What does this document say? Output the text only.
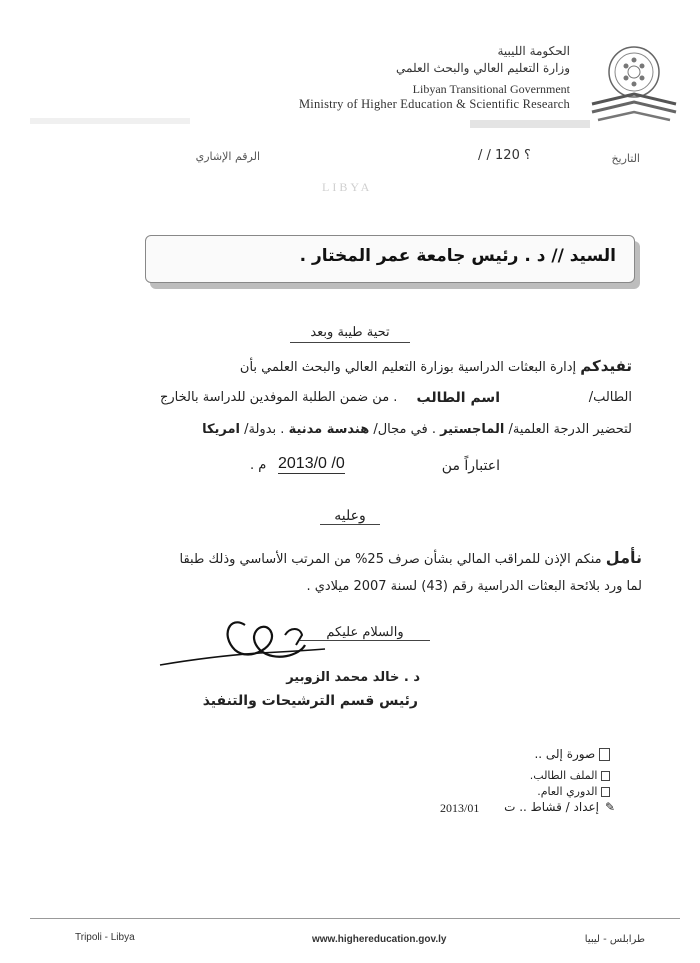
الحكومة الليبية
وزارة التعليم العالي والبحث العلمي
Libyan Transitional Government
Ministry of Higher Education & Scientific Research
التاريخ
/ / 1؟ 20
الرقم الإشاري
LIBYA
السيد // د . رئيس جامعة عمر المختار .
تحية طيبة وبعد
تفيدكم إدارة البعثات الدراسية بوزارة التعليم العالي والبحث العلمي بأن
الطالب/
اسم الطالب
. من ضمن الطلبة الموفدين للدراسة بالخارج
لتحضير الدرجة العلمية/ الماجستير . في مجال/ هندسة مدنية . بدولة/ امريكا
اعتباراً من
2013/0 /0
م .
وعليه
نأمل منكم الإذن للمراقب المالي بشأن صرف 25% من المرتب الأساسي وذلك طبقا
لما ورد بلائحة البعثات الدراسية رقم (43) لسنة 2007 ميلادي .
والسلام عليكم
د . خالد محمد الزوبير
رئيس قسم الترشيحات والتنفيذ
صورة إلى ..
الملف الطالب.
الدوري العام.
2013/01 إعداد / قشاط .. ت ✎
Tripoli - Libya	www.highereducation.gov.ly	طرابلس - ليبيا
